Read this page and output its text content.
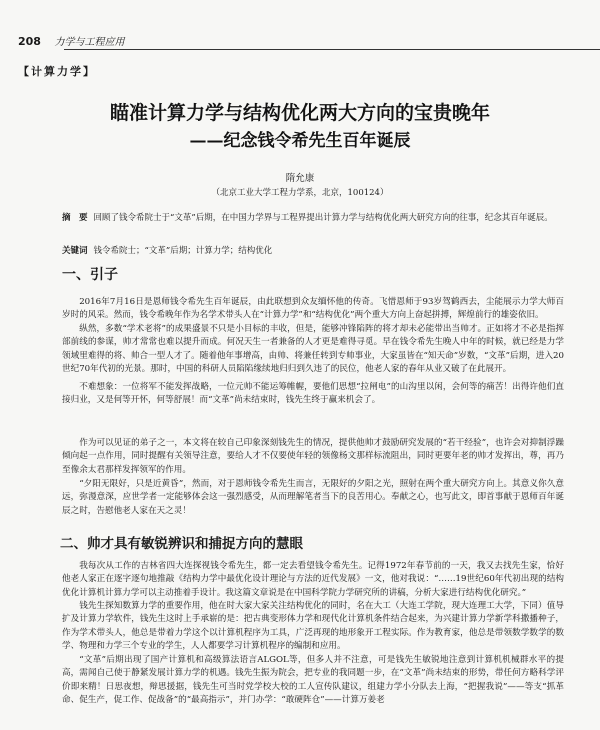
208 力学与工程应用
【计算力学】
瞄准计算力学与结构优化两大方向的宝贵晚年
——纪念钱令希先生百年诞辰
隋允康
（北京工业大学工程力学系，北京，100124）
摘　要 回顾了钱令希院士于“文革”后期，在中国力学界与工程界提出计算力学与结构优化两大研究方向的往事，纪念其百年诞辰。
关键词 钱令希院士；“文革”后期；计算力学；结构优化
一、引子
2016年7月16日是恩师钱令希先生百年诞辰，由此联想到众友缅怀他的传奇。飞惜恩师于93岁驾鹤西去，尘能展示力学大师百岁时的风采。然而，钱令希晚年作为名学术带头人在“计算力学”和“结构优化”两个重大方向上奋起拼搏，辉煌前行的雄姿依旧。
纵然，多数“学术老将”的成果盛景不只是小目标的丰收，但是，能够冲锋陷阵的将才却未必能带出当帅才。正如将才不必是指挥部前线的参谋，帅才常常也难以提升而成。何况天生一者兼备的人才更是难得寻觅。早在钱令希先生晚人中年的时候，就已经是力学领域里难得的将、帅合一型人才了。随着他年事增高，由帅、将兼任转到专帅事业，大家虽皆在“知天命”岁数，“文革”后期，进入20世纪70年代初的光景。那时，中国的科研人员陷陷缘续地归归到久违了的民位，他老人家的春年从业又破了在此展开。
不难想象：一位将军不能发挥战略，一位元帅不能运筹帷幄，要他们思想“拉闸电”的山沟里以闲，会何等的痛苦！出得许他们直接归业，又是何等开怀，何等舒展！而“文革”尚未结束时，钱先生终于赢来机会了。
作为可以见证的弟子之一，本文将在较自己印象深刻钱先生的情况，提供他帅才鼓励研究发展的“若干经验”，也许会对抑制浮躁倾向起一点作用，同时提醒有关领导注意，要给人才不仅要使年轻的领像杨文那样标流阻出，同时更要年老的帅才发挥出，尊，再乃至像余太君那样发挥领军的作用。
“夕阳无限好，只是近黄昏”，然而，对于恩师钱令希先生而言，无限好的夕阳之光，照射在两个重大研究方向上。其意义你久意远，弥漫意深，应世学者一定能够体会这一强烈感受，从而理解笔者当下的良苦用心。奉献之心，也写此文，即首事献于恩师百年诞辰之时，告慰他老人家在天之灵！
二、帅才具有敏锐辨识和捕捉方向的慧眼
我每次从工作的吉林省四大连探视钱令希先生，都一定去看望钱令希先生。记得1972年春节前的一天，我又去找先生家，恰好他老人家正在逐字逐句地推敲《结构力学中最优化设计理论与方法的近代发展》一文，他对我说：“……19世纪60年代初出现的结构优化计算机计算力学可以主动推着手设计。我这篇文章说是在中国科学院力学研究所的讲稿，分析大家进行结构优化研究。”
钱先生探知数算力学的重要作用，他在时大家大家关注结构优化的同时，名在大工（大连工学院，现大连理工大学，下同）值导扩及计算力学软件，钱先生这时上手承崭的是：把古典变形体力学和现代化计算机条件结合起来，为兴建计算力学新学科撒播种子，作为学术带头人，他总是带着力学这个以计算机程序为工具，广泛再现的地形象开工程实际。作为教育家，他总是带领数学数学的数学、物理和力学三个专业的学生，人人都要学习计算机程序的编制和应用。
“文革”后期出现了国产计算机和高级算法语言ALGOL等，但多人并不注意，可是钱先生敏锐地注意到计算机机械群水平的提高，需闻自己使于静紧发展计算力学的机遇。钱先生振为院会，把专业的我同题一步，在“文革”尚未结束的形势，带任何方略科学评价即来精！日思夜想，辩思援据，钱先生可当时党学校大校的工人宣传队建议，组建力学小分队去上海，“把握我说”——等支“抓革命、促生产，促工作、促战备”的“最高指示”，并门办学：“敢硬阵仓”——计算万姜老
